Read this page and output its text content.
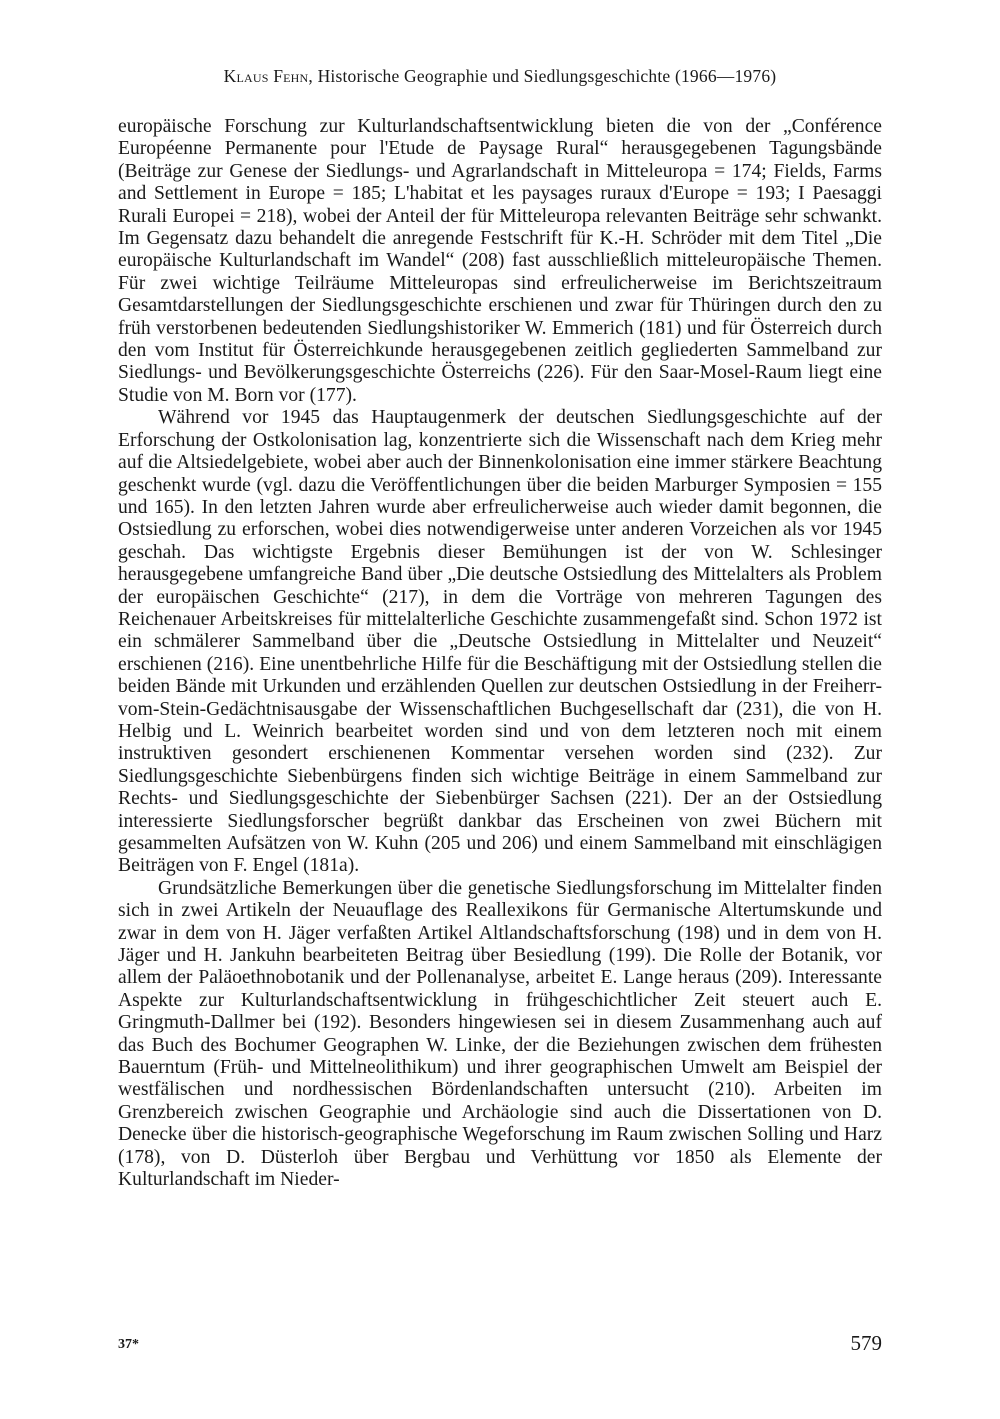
Klaus Fehn, Historische Geographie und Siedlungsgeschichte (1966—1976)

europäische Forschung zur Kulturlandschaftsentwicklung bieten die von der „Conférence Européenne Permanente pour l'Etude de Paysage Rural“ herausgegebenen Tagungsbände (Beiträge zur Genese der Siedlungs- und Agrarlandschaft in Mitteleuropa = 174; Fields, Farms and Settlement in Europe = 185; L'habitat et les paysages ruraux d'Europe = 193; I Paesaggi Rurali Europei = 218), wobei der Anteil der für Mitteleuropa relevanten Beiträge sehr schwankt. Im Gegensatz dazu behandelt die anregende Festschrift für K.-H. Schröder mit dem Titel „Die europäische Kulturlandschaft im Wandel“ (208) fast ausschließlich mitteleuropäische Themen. Für zwei wichtige Teilräume Mitteleuropas sind erfreulicherweise im Berichtszeitraum Gesamtdarstellungen der Siedlungsgeschichte erschienen und zwar für Thüringen durch den zu früh verstorbenen bedeutenden Siedlungshistoriker W. Emmerich (181) und für Österreich durch den vom Institut für Österreichkunde herausgegebenen zeitlich gegliederten Sammelband zur Siedlungs- und Bevölkerungsgeschichte Österreichs (226). Für den Saar-Mosel-Raum liegt eine Studie von M. Born vor (177).

Während vor 1945 das Hauptaugenmerk der deutschen Siedlungsgeschichte auf der Erforschung der Ostkolonisation lag, konzentrierte sich die Wissenschaft nach dem Krieg mehr auf die Altsiedelgebiete, wobei aber auch der Binnenkolonisation eine immer stärkere Beachtung geschenkt wurde (vgl. dazu die Veröffentlichungen über die beiden Marburger Symposien = 155 und 165). In den letzten Jahren wurde aber erfreulicherweise auch wieder damit begonnen, die Ostsiedlung zu erforschen, wobei dies notwendigerweise unter anderen Vorzeichen als vor 1945 geschah. Das wichtigste Ergebnis dieser Bemühungen ist der von W. Schlesinger herausgegebene umfangreiche Band über „Die deutsche Ostsiedlung des Mittelalters als Problem der europäischen Geschichte“ (217), in dem die Vorträge von mehreren Tagungen des Reichenauer Arbeitskreises für mittelalterliche Geschichte zusammengefaßt sind. Schon 1972 ist ein schmälerer Sammelband über die „Deutsche Ostsiedlung in Mittelalter und Neuzeit“ erschienen (216). Eine unentbehrliche Hilfe für die Beschäftigung mit der Ostsiedlung stellen die beiden Bände mit Urkunden und erzählenden Quellen zur deutschen Ostsiedlung in der Freiherr-vom-Stein-Gedächtnisausgabe der Wissenschaftlichen Buchgesellschaft dar (231), die von H. Helbig und L. Weinrich bearbeitet worden sind und von dem letzteren noch mit einem instruktiven gesondert erschienenen Kommentar versehen worden sind (232). Zur Siedlungsgeschichte Siebenbürgens finden sich wichtige Beiträge in einem Sammelband zur Rechts- und Siedlungsgeschichte der Siebenbürger Sachsen (221). Der an der Ostsiedlung interessierte Siedlungsforscher begrüßt dankbar das Erscheinen von zwei Büchern mit gesammelten Aufsätzen von W. Kuhn (205 und 206) und einem Sammelband mit einschlägigen Beiträgen von F. Engel (181a).

Grundsätzliche Bemerkungen über die genetische Siedlungsforschung im Mittelalter finden sich in zwei Artikeln der Neuauflage des Reallexikons für Germanische Altertumskunde und zwar in dem von H. Jäger verfaßten Artikel Altlandschaftsforschung (198) und in dem von H. Jäger und H. Jankuhn bearbeiteten Beitrag über Besiedlung (199). Die Rolle der Botanik, vor allem der Paläoethnobotanik und der Pollenanalyse, arbeitet E. Lange heraus (209). Interessante Aspekte zur Kulturlandschaftsentwicklung in frühgeschichtlicher Zeit steuert auch E. Gringmuth-Dallmer bei (192). Besonders hingewiesen sei in diesem Zusammenhang auch auf das Buch des Bochumer Geographen W. Linke, der die Beziehungen zwischen dem frühesten Bauerntum (Früh- und Mittelneolithikum) und ihrer geographischen Umwelt am Beispiel der westfälischen und nordhessischen Bördenlandschaften untersucht (210). Arbeiten im Grenzbereich zwischen Geographie und Archäologie sind auch die Dissertationen von D. Denecke über die historisch-geographische Wegeforschung im Raum zwischen Solling und Harz (178), von D. Düsterloh über Bergbau und Verhüttung vor 1850 als Elemente der Kulturlandschaft im Nieder-

37*	579
